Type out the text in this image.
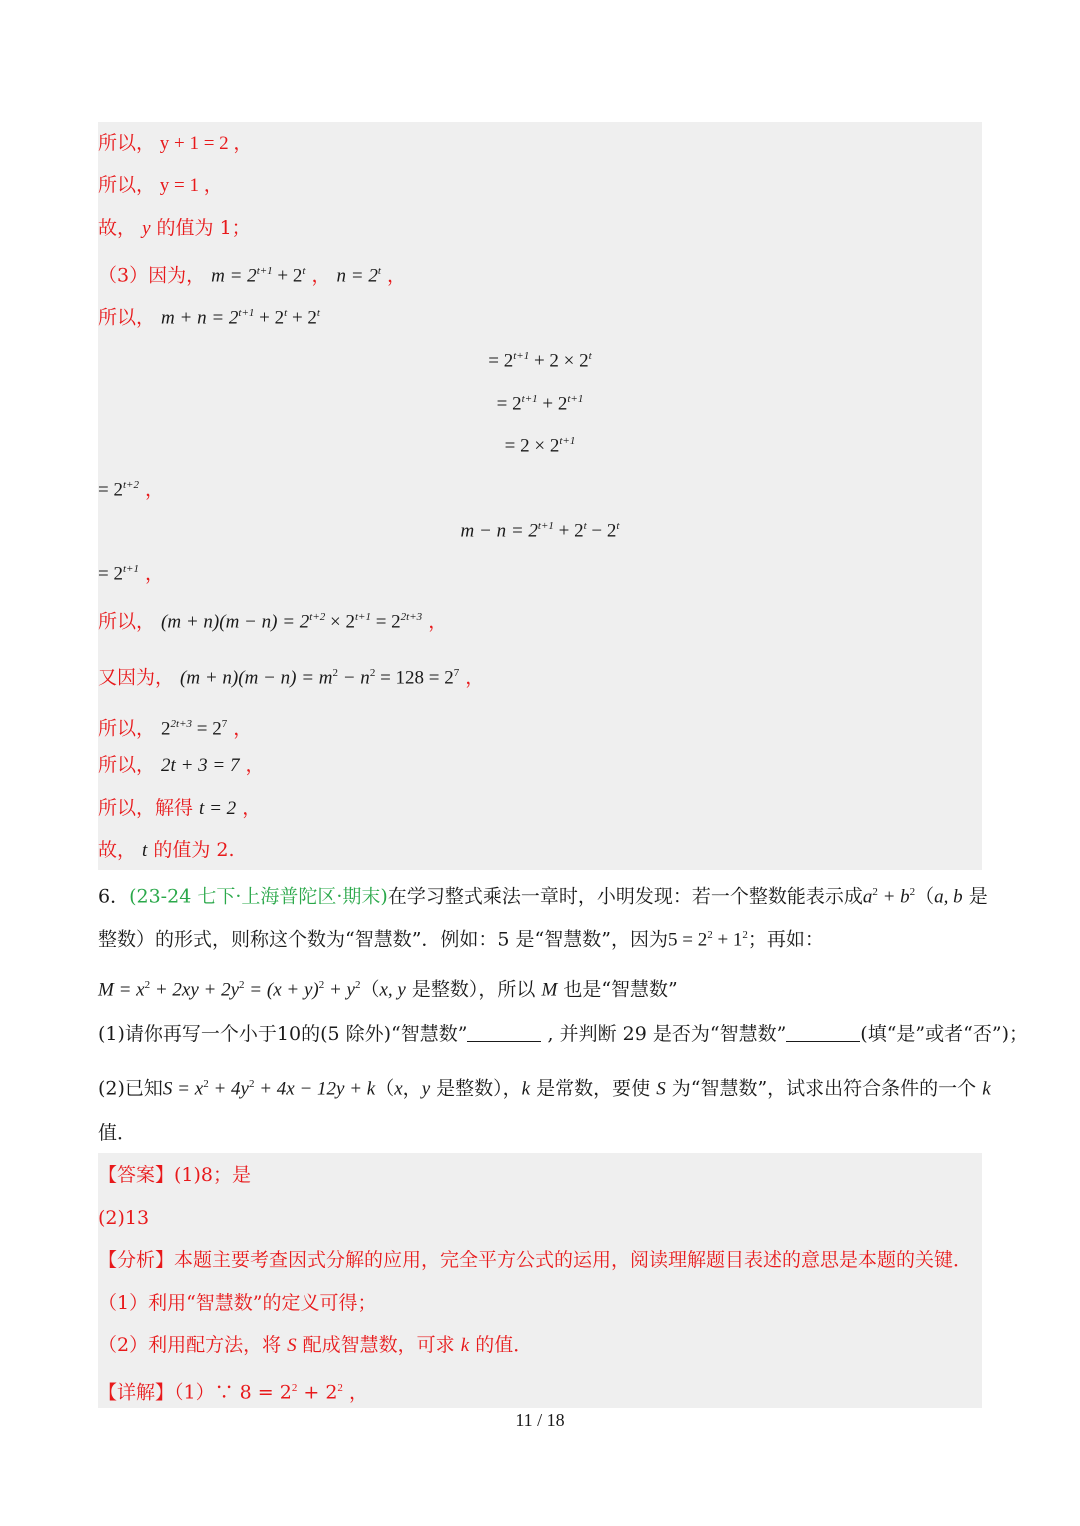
所以， y + 1 = 2 ，
所以， y = 1 ，
故， y 的值为 1；
（3）因为， $m = 2^{t+1} + 2^t$ ， $n = 2^t$ ，
所以， $m + n = 2^{t+1} + 2^t + 2^t$
= $2^{t+1} + 2 \times 2^t$
= $2^{t+1} + 2^{t+1}$
= $2 \times 2^{t+1}$
= $2^{t+2}$ ，
$m - n = 2^{t+1} + 2^t - 2^t$
= $2^{t+1}$ ，
所以， $(m + n)(m - n) = 2^{t+2} \times 2^{t+1} = 2^{2t+3}$ ，
又因为， $(m + n)(m - n) = m^2 - n^2 = 128 = 2^7$ ，
所以， $2^{2t+3} = 2^7$ ，
所以， 2t + 3 = 7 ，
所以，解得 t = 2 ，
故， t 的值为 2.
6．(23-24 七下·上海普陀区·期末)在学习整式乘法一章时，小明发现：若一个整数能表示成$a^2 + b^2(a$, b 是
整数）的形式，则称这个数为“智慧数”．例如：5 是“智慧数”，因为$5 = 2^2 + 1^2$；再如：
$M = x^2 + 2xy + 2y^2 = (x + y)^2 + y^2(x$, y 是整数），所以 M 也是“智慧数”
(1)请你再写一个小于10的(5 除外)“智慧数”	, 并判断 29 是否为“智慧数”	(填“是”或者“否”)；
(2)已知$S = x^2 + 4y^2 + 4x - 12y + k(x$，y 是整数），k 是常数，要使 S 为“智慧数”，试求出符合条件的一个 k
值．
【答案】(1)8；是
(2)13
【分析】本题主要考查因式分解的应用，完全平方公式的运用，阅读理解题目表述的意思是本题的关键．
（1）利用“智慧数”的定义可得；
（2）利用配方法，将 S 配成智慧数，可求 k 的值．
【详解】（1）∵ $8 = 2^2 + 2^2$ ，
11 / 18
